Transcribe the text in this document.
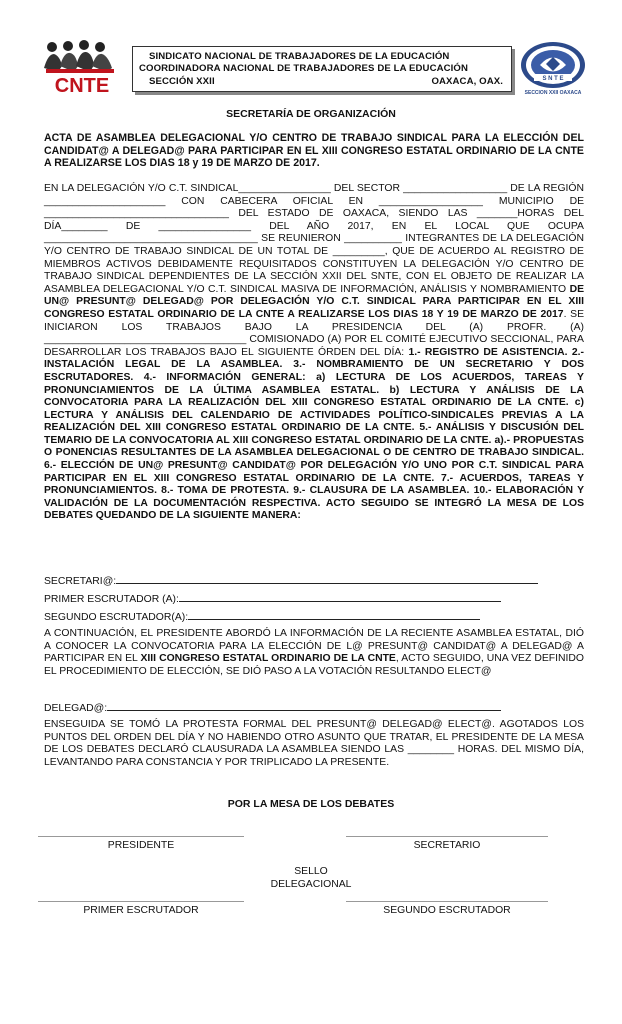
CNTE
SINDICATO NACIONAL DE TRABAJADORES DE LA EDUCACIÓN
COORDINADORA NACIONAL DE TRABAJADORES DE LA EDUCACIÓN
SECCIÓN XXII	OAXACA, OAX.	S N T E
SECCION XXII OAXACA
SECRETARÍA DE ORGANIZACIÓN
ACTA DE ASAMBLEA DELEGACIONAL Y/O CENTRO DE TRABAJO SINDICAL PARA LA ELECCIÓN DEL CANDIDAT@ A DELEGAD@ PARA PARTICIPAR EN EL XIII CONGRESO ESTATAL ORDINARIO DE LA CNTE A REALIZARSE LOS DIAS 18 y 19 DE MARZO DE 2017.
EN LA DELEGACIÓN Y/O C.T. SINDICAL________________ DEL SECTOR __________________ DE LA REGIÓN _____________________ CON CABECERA OFICIAL EN __________________ MUNICIPIO DE ________________________________ DEL ESTADO DE OAXACA, SIENDO LAS _______HORAS DEL DÍA________ DE ________________ DEL AÑO 2017, EN EL LOCAL QUE OCUPA _____________________________________ SE REUNIERON __________ INTEGRANTES DE LA DELEGACIÓN Y/O CENTRO DE TRABAJO SINDICAL DE UN TOTAL DE _________, QUE DE ACUERDO AL REGISTRO DE MIEMBROS ACTIVOS DEBIDAMENTE REQUISITADOS CONSTITUYEN LA DELEGACIÓN Y/O CENTRO DE TRABAJO SINDICAL DEPENDIENTES DE LA SECCIÓN XXII DEL SNTE, CON EL OBJETO DE REALIZAR LA ASAMBLEA DELEGACIONAL Y/O C.T. SINDICAL MASIVA DE INFORMACIÓN, ANÁLISIS Y NOMBRAMIENTO DE UN@ PRESUNT@ DELEGAD@ POR DELEGACIÓN Y/O C.T. SINDICAL PARA PARTICIPAR EN EL XIII CONGRESO ESTATAL ORDINARIO DE LA CNTE A REALIZARSE LOS DIAS 18 Y 19 DE MARZO DE 2017. SE INICIARON LOS TRABAJOS BAJO LA PRESIDENCIA DEL (A) PROFR. (A) ___________________________________ COMISIONADO (A) POR EL COMITÉ EJECUTIVO SECCIONAL, PARA DESARROLLAR LOS TRABAJOS BAJO EL SIGUIENTE ÓRDEN DEL DÍA: 1.- REGISTRO DE ASISTENCIA. 2.- INSTALACIÓN LEGAL DE LA ASAMBLEA. 3.- NOMBRAMIENTO DE UN SECRETARIO Y DOS ESCRUTADORES. 4.- INFORMACIÓN GENERAL: a) LECTURA DE LOS ACUERDOS, TAREAS Y PRONUNCIAMIENTOS DE LA ÚLTIMA ASAMBLEA ESTATAL. b) LECTURA Y ANÁLISIS DE LA CONVOCATORIA PARA LA REALIZACIÓN DEL XIII CONGRESO ESTATAL ORDINARIO DE LA CNTE. c) LECTURA Y ANÁLISIS DEL CALENDARIO DE ACTIVIDADES POLÍTICO-SINDICALES PREVIAS A LA REALIZACIÓN DEL XIII CONGRESO ESTATAL ORDINARIO DE LA CNTE. 5.- ANÁLISIS Y DISCUSIÓN DEL TEMARIO DE LA CONVOCATORIA AL XIII CONGRESO ESTATAL ORDINARIO DE LA CNTE. a).- PROPUESTAS O PONENCIAS RESULTANTES DE LA ASAMBLEA DELEGACIONAL O DE CENTRO DE TRABAJO SINDICAL. 6.- ELECCIÓN DE UN@ PRESUNT@ CANDIDAT@ POR DELEGACIÓN Y/O UNO POR C.T. SINDICAL PARA PARTICIPAR EN EL XIII CONGRESO ESTATAL ORDINARIO DE LA CNTE. 7.- ACUERDOS, TAREAS Y PRONUNCIAMIENTOS. 8.- TOMA DE PROTESTA. 9.- CLAUSURA DE LA ASAMBLEA. 10.- ELABORACIÓN Y VALIDACIÓN DE LA DOCUMENTACIÓN RESPECTIVA. ACTO SEGUIDO SE INTEGRÓ LA MESA DE LOS DEBATES QUEDANDO DE LA SIGUIENTE MANERA:
SECRETARI@:
PRIMER ESCRUTADOR (A):
SEGUNDO ESCRUTADOR(A):
A CONTINUACIÓN, EL PRESIDENTE ABORDÓ LA INFORMACIÓN DE LA RECIENTE ASAMBLEA ESTATAL, DIÓ A CONOCER LA CONVOCATORIA PARA LA ELECCIÓN DE L@ PRESUNT@ CANDIDAT@ A DELEGAD@ A PARTICIPAR EN EL XIII CONGRESO ESTATAL ORDINARIO DE LA CNTE, ACTO SEGUIDO, UNA VEZ DEFINIDO EL PROCEDIMIENTO DE ELECCIÓN, SE DIÓ PASO A LA VOTACIÓN RESULTANDO ELECT@
DELEGAD@:
ENSEGUIDA SE TOMÓ LA PROTESTA FORMAL DEL PRESUNT@ DELEGAD@ ELECT@. AGOTADOS LOS PUNTOS DEL ORDEN DEL DÍA Y NO HABIENDO OTRO ASUNTO QUE TRATAR, EL PRESIDENTE DE LA MESA DE LOS DEBATES DECLARÓ CLAUSURADA LA ASAMBLEA SIENDO LAS ________ HORAS. DEL MISMO DÍA, LEVANTANDO PARA CONSTANCIA Y POR TRIPLICADO LA PRESENTE.
POR LA MESA DE LOS DEBATES
PRESIDENTE	SECRETARIO
SELLO
DELEGACIONAL
PRIMER ESCRUTADOR	SEGUNDO ESCRUTADOR
